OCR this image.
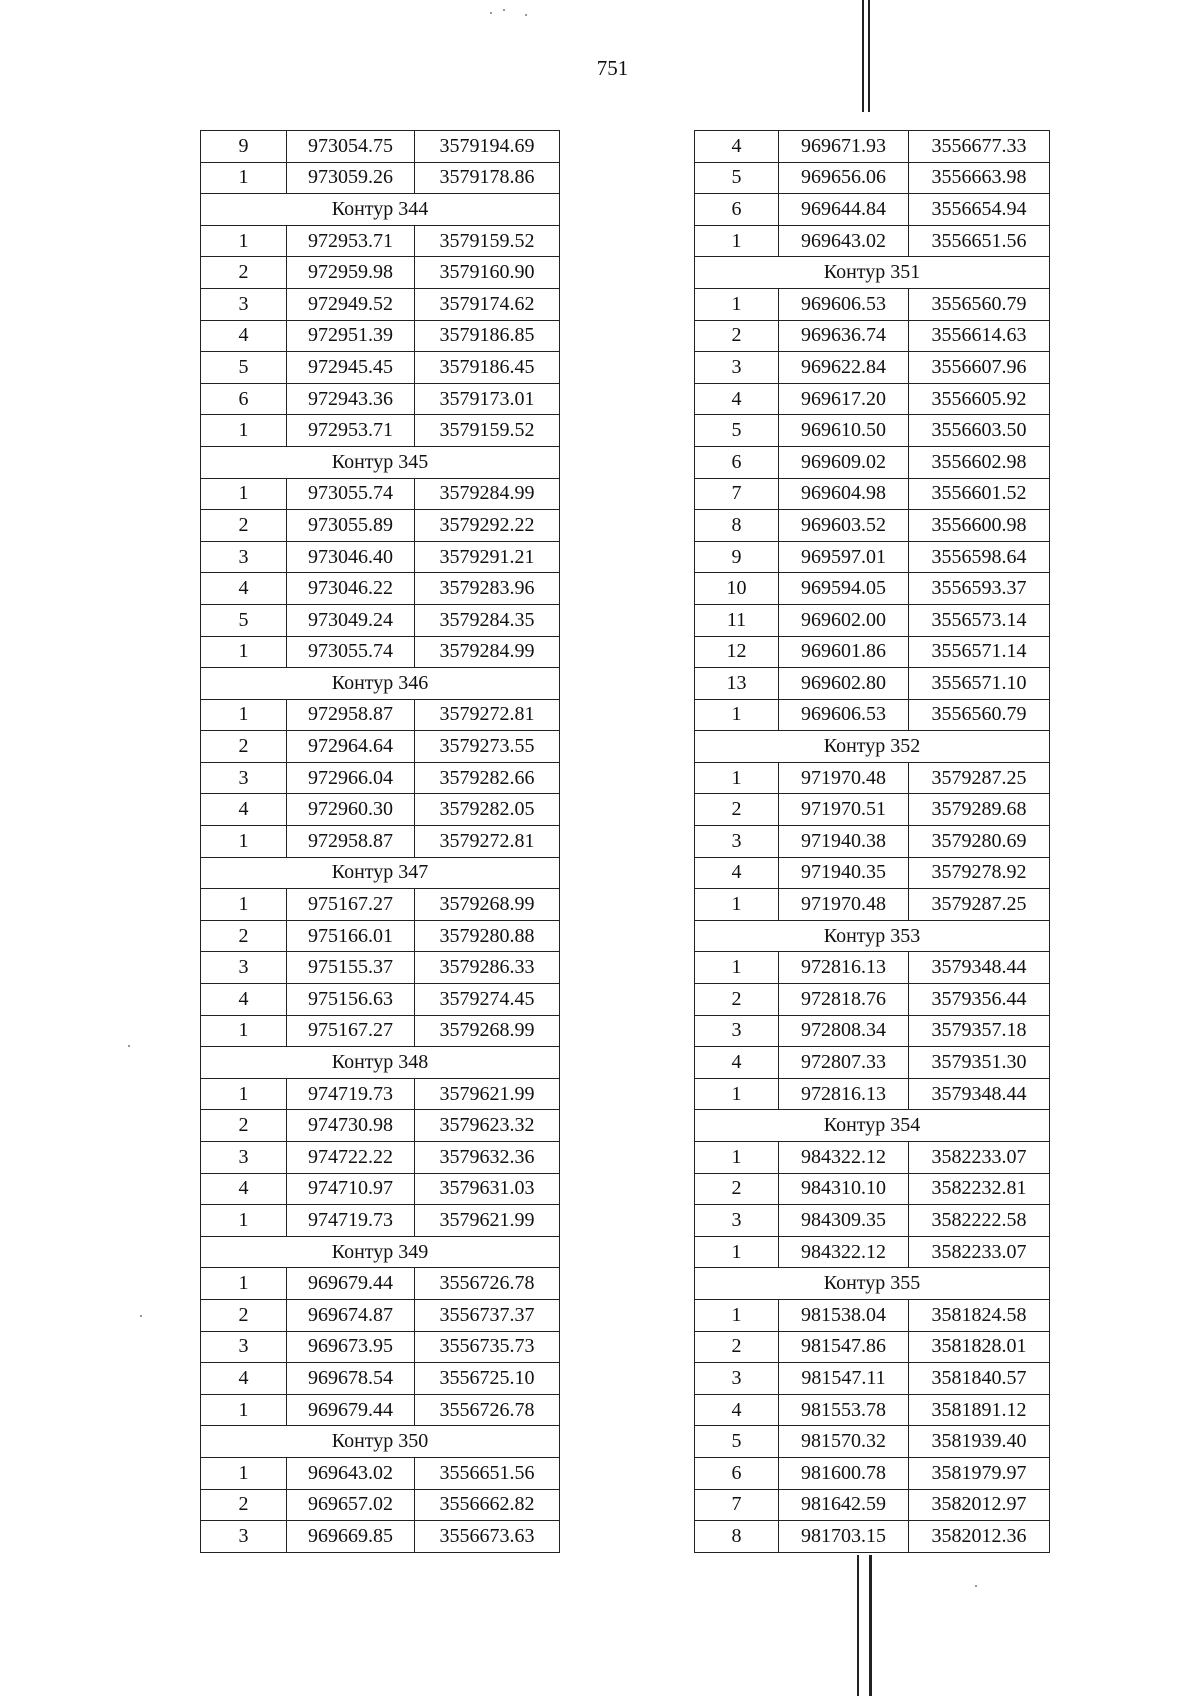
751
9	973054.75	3579194.69
1	973059.26	3579178.86
Контур 344		
1	972953.71	3579159.52
2	972959.98	3579160.90
3	972949.52	3579174.62
4	972951.39	3579186.85
5	972945.45	3579186.45
6	972943.36	3579173.01
1	972953.71	3579159.52
Контур 345		
1	973055.74	3579284.99
2	973055.89	3579292.22
3	973046.40	3579291.21
4	973046.22	3579283.96
5	973049.24	3579284.35
1	973055.74	3579284.99
Контур 346		
1	972958.87	3579272.81
2	972964.64	3579273.55
3	972966.04	3579282.66
4	972960.30	3579282.05
1	972958.87	3579272.81
Контур 347		
1	975167.27	3579268.99
2	975166.01	3579280.88
3	975155.37	3579286.33
4	975156.63	3579274.45
1	975167.27	3579268.99
Контур 348		
1	974719.73	3579621.99
2	974730.98	3579623.32
3	974722.22	3579632.36
4	974710.97	3579631.03
1	974719.73	3579621.99
Контур 349		
1	969679.44	3556726.78
2	969674.87	3556737.37
3	969673.95	3556735.73
4	969678.54	3556725.10
1	969679.44	3556726.78
Контур 350		
1	969643.02	3556651.56
2	969657.02	3556662.82
3	969669.85	3556673.63
4	969671.93	3556677.33
5	969656.06	3556663.98
6	969644.84	3556654.94
1	969643.02	3556651.56
Контур 351		
1	969606.53	3556560.79
2	969636.74	3556614.63
3	969622.84	3556607.96
4	969617.20	3556605.92
5	969610.50	3556603.50
6	969609.02	3556602.98
7	969604.98	3556601.52
8	969603.52	3556600.98
9	969597.01	3556598.64
10	969594.05	3556593.37
11	969602.00	3556573.14
12	969601.86	3556571.14
13	969602.80	3556571.10
1	969606.53	3556560.79
Контур 352		
1	971970.48	3579287.25
2	971970.51	3579289.68
3	971940.38	3579280.69
4	971940.35	3579278.92
1	971970.48	3579287.25
Контур 353		
1	972816.13	3579348.44
2	972818.76	3579356.44
3	972808.34	3579357.18
4	972807.33	3579351.30
1	972816.13	3579348.44
Контур 354		
1	984322.12	3582233.07
2	984310.10	3582232.81
3	984309.35	3582222.58
1	984322.12	3582233.07
Контур 355		
1	981538.04	3581824.58
2	981547.86	3581828.01
3	981547.11	3581840.57
4	981553.78	3581891.12
5	981570.32	3581939.40
6	981600.78	3581979.97
7	981642.59	3582012.97
8	981703.15	3582012.36
